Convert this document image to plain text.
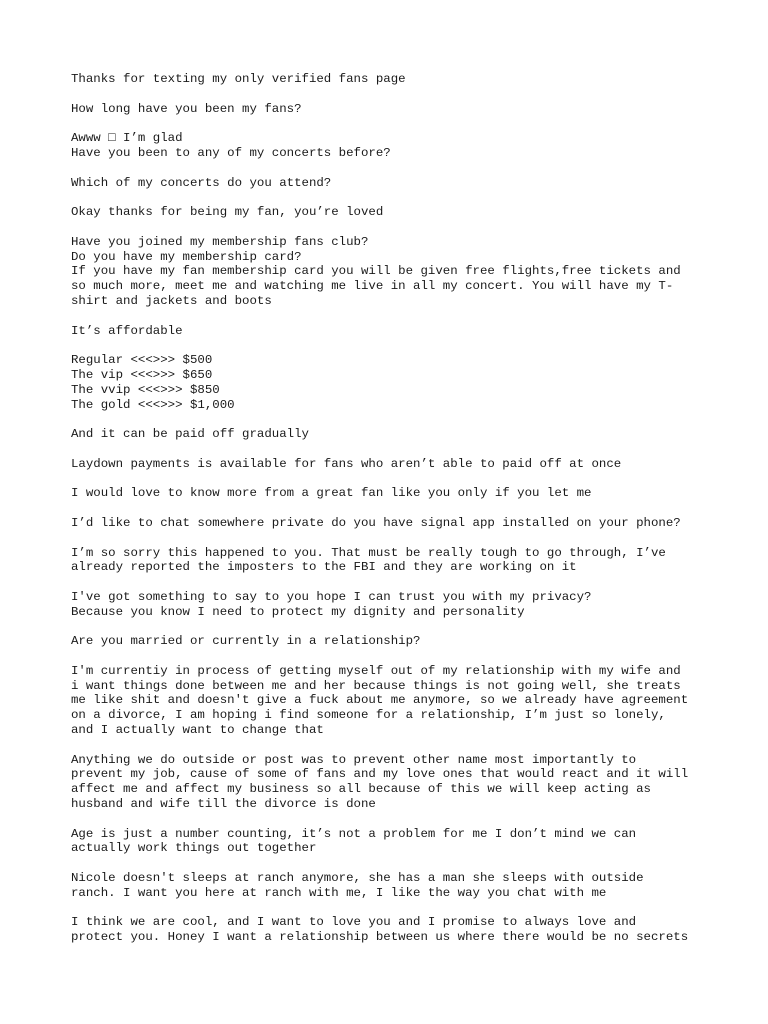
Thanks for texting my only verified fans page
How long have you been my fans?
Awww □ I’m glad
Have you been to any of my concerts before?
Which of my concerts do you attend?
Okay thanks for being my fan, you’re loved
Have you joined my membership fans club?
Do you have my membership card?
If you have my fan membership card you will be given free flights,free tickets and
so much more, meet me and watching me live in all my concert. You will have my T-
shirt and jackets and boots
It’s affordable
Regular <<<>>> $500
The vip <<<>>> $650
The vvip <<<>>> $850
The gold <<<>>> $1,000
And it can be paid off gradually
Laydown payments is available for fans who aren’t able to paid off at once
I would love to know more from a great fan like you only if you let me
I’d like to chat somewhere private do you have signal app installed on your phone?
I’m so sorry this happened to you. That must be really tough to go through, I’ve
already reported the imposters to the FBI and they are working on it
I've got something to say to you hope I can trust you with my privacy?
Because you know I need to protect my dignity and personality
Are you married or currently in a relationship?
I'm currentiy in process of getting myself out of my relationship with my wife and
i want things done between me and her because things is not going well, she treats
me like shit and doesn't give a fuck about me anymore, so we already have agreement
on a divorce, I am hoping i find someone for a relationship, I’m just so lonely,
and I actually want to change that
Anything we do outside or post was to prevent other name most importantly to
prevent my job, cause of some of fans and my love ones that would react and it will
affect me and affect my business so all because of this we will keep acting as
husband and wife till the divorce is done
Age is just a number counting, it’s not a problem for me I don’t mind we can
actually work things out together
Nicole doesn't sleeps at ranch anymore, she has a man she sleeps with outside
ranch. I want you here at ranch with me, I like the way you chat with me
I think we are cool, and I want to love you and I promise to always love and
protect you. Honey I want a relationship between us where there would be no secrets
